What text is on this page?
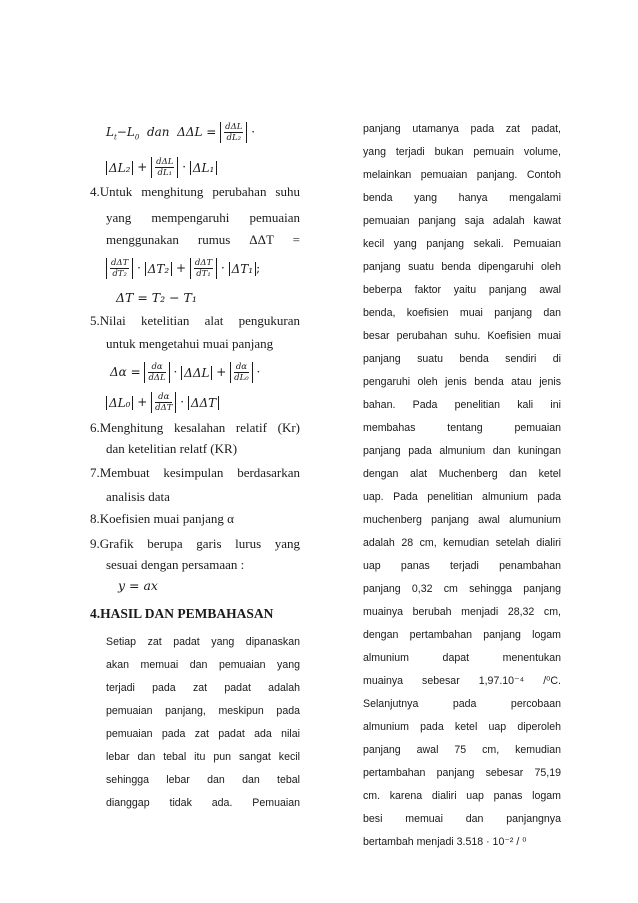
$L_t-L_0$ dan $\Delta\Delta L = \frac{\text{dΔL}}{\text{dL₂}}$ ·
$\Delta L_2 + \frac{\text{dΔL}}{\text{dL₁}} \cdot \Delta L_1$
4.Untuk menghitung perubahan suhu
yang mempengaruhi pemuaian
menggunakan rumus ΔΔT =
$\frac{\text{dΔT}}{\text{dT₂}} \cdot \Delta T_2 + \frac{\text{dΔT}}{\text{dT₁}} \cdot \Delta T_1$ ;
ΔT = T₂ − T₁
5.Nilai ketelitian alat pengukuran
untuk mengetahui muai panjang
$\Delta\alpha = \frac{d\alpha}{\text{dΔL}} \cdot \Delta\Delta L + \frac{d\alpha}{\text{dL₀}}$ ·
$\Delta L_0 + \frac{d\alpha}{\text{dΔT}} \cdot \Delta\Delta T$
6.Menghitung kesalahan relatif (Kr)
dan ketelitian relatf (KR)
7.Membuat kesimpulan berdasarkan
analisis data
8.Koefisien muai panjang α
9.Grafik berupa garis lurus yang
sesuai dengan persamaan :
y = ax
4.HASIL DAN PEMBAHASAN
Setiap zat padat yang dipanaskan
akan memuai dan pemuaian yang
terjadi pada zat padat adalah
pemuaian panjang, meskipun pada
pemuaian pada zat padat ada nilai
lebar dan tebal itu pun sangat kecil
sehingga lebar dan dan tebal
dianggap tidak ada. Pemuaian
panjang utamanya pada zat padat,
yang terjadi bukan pemuain volume,
melainkan pemuaian panjang. Contoh
benda yang hanya mengalami
pemuaian panjang saja adalah kawat
kecil yang panjang sekali. Pemuaian
panjang suatu benda dipengaruhi oleh
beberpa faktor yaitu panjang awal
benda, koefisien muai panjang dan
besar perubahan suhu. Koefisien muai
panjang suatu benda sendiri di
pengaruhi oleh jenis benda atau jenis
bahan. Pada penelitian kali ini
membahas tentang pemuaian
panjang pada almunium dan kuningan
dengan alat Muchenberg dan ketel
uap. Pada penelitian almunium pada
muchenberg panjang awal alumunium
adalah 28 cm, kemudian setelah dialiri
uap panas terjadi penambahan
panjang 0,32 cm sehingga panjang
muainya berubah menjadi 28,32 cm,
dengan pertambahan panjang logam
almunium dapat menentukan
muainya sebesar 1,97.10⁻⁴ /⁰C.
Selanjutnya pada percobaan
almunium pada ketel uap diperoleh
panjang awal 75 cm, kemudian
pertambahan panjang sebesar 75,19
cm. karena dialiri uap panas logam
besi memuai dan panjangnya
bertambah menjadi 3.518 · 10⁻² / ⁰
